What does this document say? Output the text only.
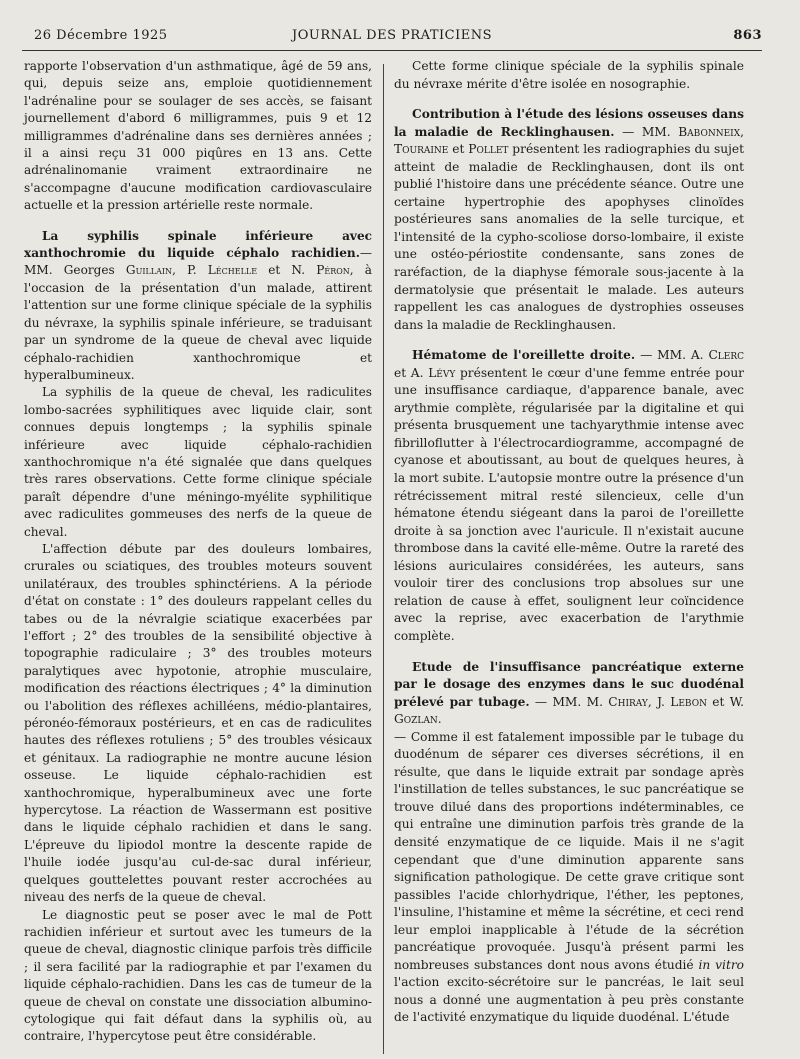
26 Décembre 1925	JOURNAL DES PRATICIENS	863

rapporte l'observation d'un asthmatique, âgé de 59 ans, qui, depuis seize ans, emploie quotidiennement l'adrénaline pour se soulager de ses accès, se faisant journellement d'abord 6 milligrammes, puis 9 et 12 milligrammes d'adrénaline dans ses dernières années ; il a ainsi reçu 31 000 piqûres en 13 ans. Cette adrénalinomanie vraiment extraordinaire ne s'accompagne d'aucune modification cardiovasculaire actuelle et la pression artérielle reste normale.

La syphilis spinale inférieure avec xanthochromie du liquide céphalo rachidien.— MM. Georges Guillain, P. Léchelle et N. Péron, à l'occasion de la présentation d'un malade, attirent l'attention sur une forme clinique spéciale de la syphilis du névraxe, la syphilis spinale inférieure, se traduisant par un syndrome de la queue de cheval avec liquide céphalo-rachidien xanthochromique et hyperalbumineux.

La syphilis de la queue de cheval, les radiculites lombo-sacrées syphilitiques avec liquide clair, sont connues depuis longtemps ; la syphilis spinale inférieure avec liquide céphalo-rachidien xanthochromique n'a été signalée que dans quelques très rares observations. Cette forme clinique spéciale paraît dépendre d'une méningo-myélite syphilitique avec radiculites gommeuses des nerfs de la queue de cheval.

L'affection débute par des douleurs lombaires, crurales ou sciatiques, des troubles moteurs souvent unilatéraux, des troubles sphinctériens. A la période d'état on constate : 1° des douleurs rappelant celles du tabes ou de la névralgie sciatique exacerbées par l'effort ; 2° des troubles de la sensibilité objective à topographie radiculaire ; 3° des troubles moteurs paralytiques avec hypotonie, atrophie musculaire, modification des réactions électriques ; 4° la diminution ou l'abolition des réflexes achilléens, médio-plantaires, péronéo-fémoraux postérieurs, et en cas de radiculites hautes des réflexes rotuliens ; 5° des troubles vésicaux et génitaux. La radiographie ne montre aucune lésion osseuse. Le liquide céphalo-rachidien est xanthochromique, hyperalbumineux avec une forte hypercytose. La réaction de Wassermann est positive dans le liquide céphalo rachidien et dans le sang. L'épreuve du lipiodol montre la descente rapide de l'huile iodée jusqu'au cul-de-sac dural inférieur, quelques gouttelettes pouvant rester accrochées au niveau des nerfs de la queue de cheval.

Le diagnostic peut se poser avec le mal de Pott rachidien inférieur et surtout avec les tumeurs de la queue de cheval, diagnostic clinique parfois très difficile ; il sera facilité par la radiographie et par l'examen du liquide céphalo-rachidien. Dans les cas de tumeur de la queue de cheval on constate une dissociation albumino-cytologique qui fait défaut dans la syphilis où, au contraire, l'hypercytose peut être considérable.

Cette forme clinique spéciale de la syphilis spinale du névraxe mérite d'être isolée en nosographie.

Contribution à l'étude des lésions osseuses dans la maladie de Recklinghausen. — MM. Babonneix, Touraine et Pollet présentent les radiographies du sujet atteint de maladie de Recklinghausen, dont ils ont publié l'histoire dans une précédente séance. Outre une certaine hypertrophie des apophyses clinoïdes postérieures sans anomalies de la selle turcique, et l'intensité de la cypho-scoliose dorso-lombaire, il existe une ostéo-périostite condensante, sans zones de raréfaction, de la diaphyse fémorale sous-jacente à la dermatolysie que présentait le malade. Les auteurs rappellent les cas analogues de dystrophies osseuses dans la maladie de Recklinghausen.

Hématome de l'oreillette droite. — MM. A. Clerc et A. Lévy présentent le cœur d'une femme entrée pour une insuffisance cardiaque, d'apparence banale, avec arythmie complète, régularisée par la digitaline et qui présenta brusquement une tachyarythmie intense avec fibrilloflutter à l'électrocardiogramme, accompagné de cyanose et aboutissant, au bout de quelques heures, à la mort subite. L'autopsie montre outre la présence d'un rétrécissement mitral resté silencieux, celle d'un hématone étendu siégeant dans la paroi de l'oreillette droite à sa jonction avec l'auricule. Il n'existait aucune thrombose dans la cavité elle-même. Outre la rareté des lésions auriculaires considérées, les auteurs, sans vouloir tirer des conclusions trop absolues sur une relation de cause à effet, soulignent leur coïncidence avec la reprise, avec exacerbation de l'arythmie complète.

Etude de l'insuffisance pancréatique externe par le dosage des enzymes dans le suc duodénal prélevé par tubage. — MM. M. Chiray, J. Lebon et W. Gozlan.

— Comme il est fatalement impossible par le tubage du duodénum de séparer ces diverses sécrétions, il en résulte, que dans le liquide extrait par sondage après l'instillation de telles substances, le suc pancréatique se trouve dilué dans des proportions indéterminables, ce qui entraîne une diminution parfois très grande de la densité enzymatique de ce liquide. Mais il ne s'agit cependant que d'une diminution apparente sans signification pathologique. De cette grave critique sont passibles l'acide chlorhydrique, l'éther, les peptones, l'insuline, l'histamine et même la sécrétine, et ceci rend leur emploi inapplicable à l'étude de la sécrétion pancréatique provoquée. Jusqu'à présent parmi les nombreuses substances dont nous avons étudié in vitro l'action excito-sécrétoire sur le pancréas, le lait seul nous a donné une augmentation à peu près constante de l'activité enzymatique du liquide duodénal. L'étude
